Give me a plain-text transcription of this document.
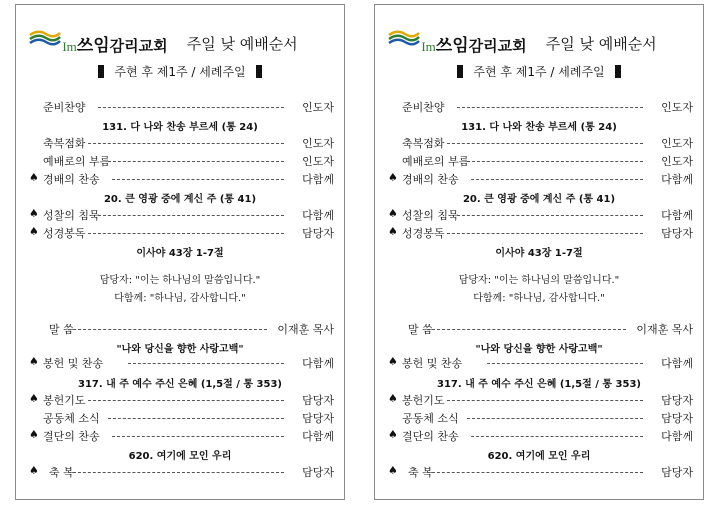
Im쓰임감리교회 주일 낮 예배순서
주현 후 제1주 / 세례주일
준비찬양	인도자
131. 다 나와 찬송 부르세 (통 24)
축복점화	인도자
예배로의 부름	인도자
♠ 경배의 찬송	다함께
20. 큰 영광 중에 계신 주 (통 41)
♠ 성찰의 침묵	다함께
♠ 성경봉독	담당자
이사야 43장 1-7절
담당자: "이는 하나님의 말씀입니다."
다함께: "하나님, 감사합니다."
말 씀	이재훈 목사
"나와 당신을 향한 사랑고백"
♠ 봉헌 및 찬송	다함께
317. 내 주 예수 주신 은혜 (1,5절 / 통 353)
♠ 봉헌기도	담당자
공동체 소식	담당자
♠ 결단의 찬송	다함께
620. 여기에 모인 우리
♠ 축 복	담당자
Im쓰임감리교회 주일 낮 예배순서
주현 후 제1주 / 세례주일
준비찬양	인도자
131. 다 나와 찬송 부르세 (통 24)
축복점화	인도자
예배로의 부름	인도자
♠ 경배의 찬송	다함께
20. 큰 영광 중에 계신 주 (통 41)
♠ 성찰의 침묵	다함께
♠ 성경봉독	담당자
이사야 43장 1-7절
담당자: "이는 하나님의 말씀입니다."
다함께: "하나님, 감사합니다."
말 씀	이재훈 목사
"나와 당신을 향한 사랑고백"
♠ 봉헌 및 찬송	다함께
317. 내 주 예수 주신 은혜 (1,5절 / 통 353)
♠ 봉헌기도	담당자
공동체 소식	담당자
♠ 결단의 찬송	다함께
620. 여기에 모인 우리
♠ 축 복	담당자
